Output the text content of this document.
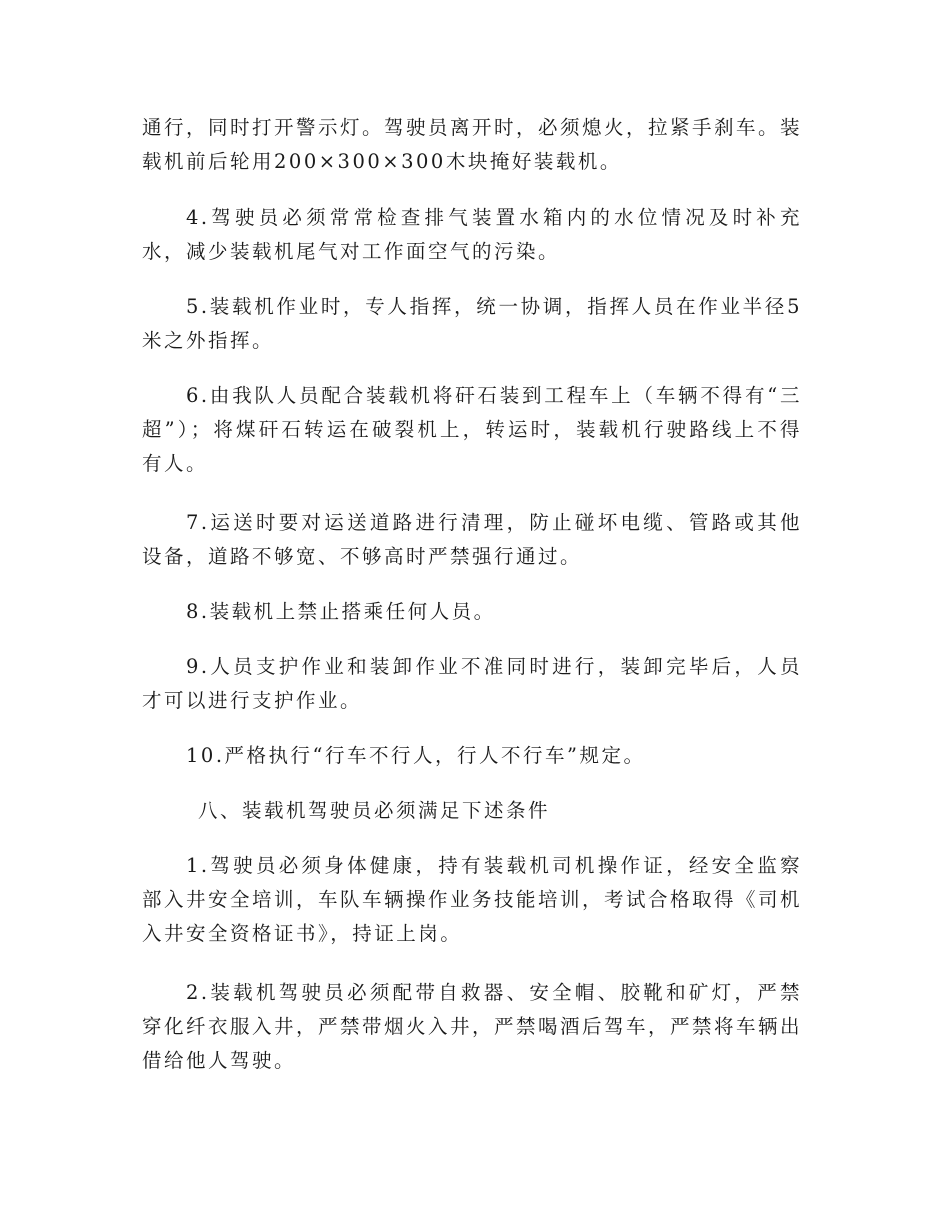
通行，同时打开警示灯。驾驶员离开时，必须熄火，拉紧手刹车。装载机前后轮用200×300×300木块掩好装载机。

4.驾驶员必须常常检查排气装置水箱内的水位情况及时补充水，减少装载机尾气对工作面空气的污染。

5.装载机作业时，专人指挥，统一协调，指挥人员在作业半径5米之外指挥。

6.由我队人员配合装载机将矸石装到工程车上（车辆不得有“三超”）；将煤矸石转运在破裂机上，转运时，装载机行驶路线上不得有人。

7.运送时要对运送道路进行清理，防止碰坏电缆、管路或其他设备，道路不够宽、不够高时严禁强行通过。

8.装载机上禁止搭乘任何人员。

9.人员支护作业和装卸作业不准同时进行，装卸完毕后，人员才可以进行支护作业。

10.严格执行“行车不行人，行人不行车”规定。

八、装载机驾驶员必须满足下述条件

1.驾驶员必须身体健康，持有装载机司机操作证，经安全监察部入井安全培训，车队车辆操作业务技能培训，考试合格取得《司机入井安全资格证书》，持证上岗。

2.装载机驾驶员必须配带自救器、安全帽、胶靴和矿灯，严禁穿化纤衣服入井，严禁带烟火入井，严禁喝酒后驾车，严禁将车辆出借给他人驾驶。
